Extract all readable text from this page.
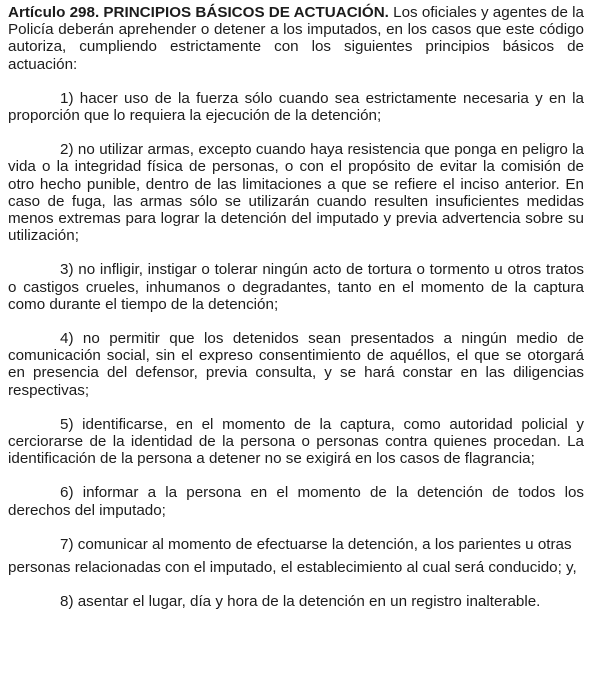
Artículo 298. PRINCIPIOS BÁSICOS DE ACTUACIÓN. Los oficiales y agentes de la Policía deberán aprehender o detener a los imputados, en los casos que este código autoriza, cumpliendo estrictamente con los siguientes principios básicos de actuación:

1) hacer uso de la fuerza sólo cuando sea estrictamente necesaria y en la proporción que lo requiera la ejecución de la detención;

2) no utilizar armas, excepto cuando haya resistencia que ponga en peligro la vida o la integridad física de personas, o con el propósito de evitar la comisión de otro hecho punible, dentro de las limitaciones a que se refiere el inciso anterior. En caso de fuga, las armas sólo se utilizarán cuando resulten insuficientes medidas menos extremas para lograr la detención del imputado y previa advertencia sobre su utilización;

3) no infligir, instigar o tolerar ningún acto de tortura o tormento u otros tratos o castigos crueles, inhumanos o degradantes, tanto en el momento de la captura como durante el tiempo de la detención;

4) no permitir que los detenidos sean presentados a ningún medio de comunicación social, sin el expreso consentimiento de aquéllos, el que se otorgará en presencia del defensor, previa consulta, y se hará constar en las diligencias respectivas;

5) identificarse, en el momento de la captura, como autoridad policial y cerciorarse de la identidad de la persona o personas contra quienes procedan. La identificación de la persona a detener no se exigirá en los casos de flagrancia;

6) informar a la persona en el momento de la detención de todos los derechos del imputado;

7) comunicar al momento de efectuarse la detención, a los parientes u otras

personas relacionadas con el imputado, el establecimiento al cual será conducido; y,

8) asentar el lugar, día y hora de la detención en un registro inalterable.
